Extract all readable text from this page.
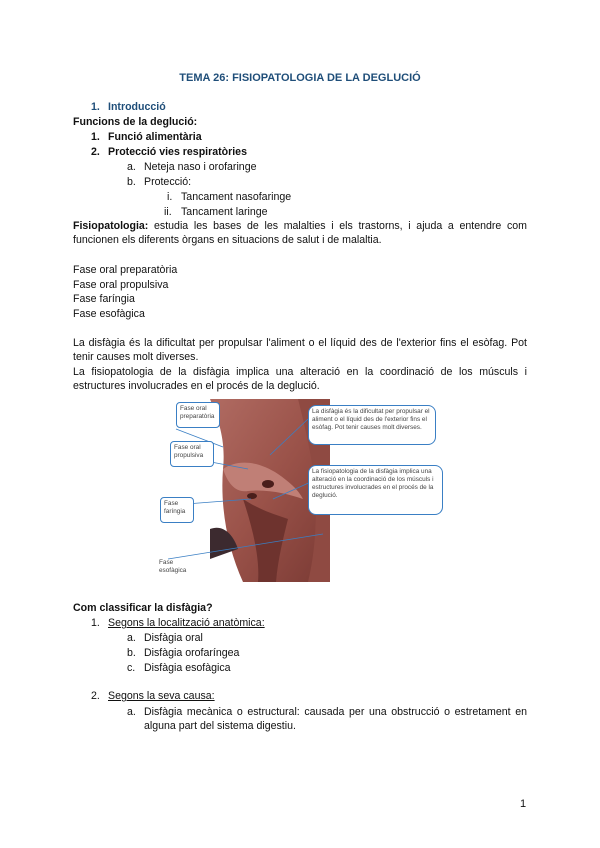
TEMA 26: FISIOPATOLOGIA DE LA DEGLUCIÓ
1. Introducció
Funcions de la deglució:
1. Funció alimentària
2. Protecció vies respiratòries
a. Neteja naso i orofaringe
b. Protecció:
i. Tancament nasofaringe
ii. Tancament laringe
Fisiopatologia: estudia les bases de les malalties i els trastorns, i ajuda a entendre com funcionen els diferents òrgans en situacions de salut i de malaltia.
Fase oral preparatòria
Fase oral propulsiva
Fase faríngia
Fase esofàgica
La disfàgia és la dificultat per propulsar l'aliment o el líquid des de l'exterior fins el esòfag. Pot tenir causes molt diverses.
La fisiopatologia de la disfàgia implica una alteració en la coordinació de los músculs i estructures involucrades en el procés de la deglució.
Fase oral preparatòria
Fase oral propulsiva
Fase faríngia
Fase esofàgica
La disfàgia és la dificultat per propulsar el aliment o el líquid des de l'exterior fins el esòfag. Pot tenir causes molt diverses.
La fisiopatologia de la disfàgia implica una alteració en la coordinació de los músculs i estructures involucrades en el procés de la deglució.
Com classificar la disfàgia?
1. Segons la localització anatòmica:
a. Disfàgia oral
b. Disfàgia orofaríngea
c. Disfàgia esofàgica
2. Segons la seva causa:
a. Disfàgia mecànica o estructural: causada per una obstrucció o estretament en alguna part del sistema digestiu.
1
